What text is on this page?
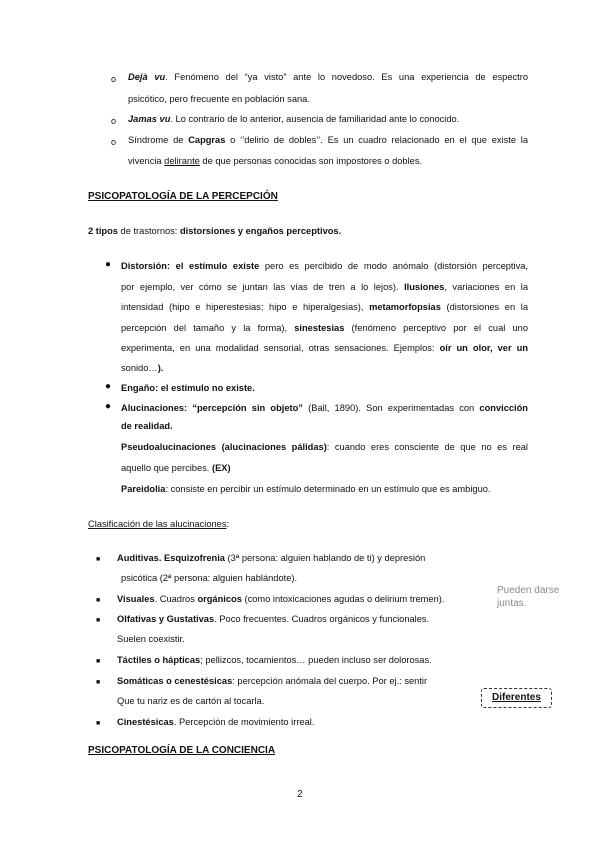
o Dejà vu. Fenómeno del “ya visto” ante lo novedoso. Es una experiencia de espectro
psicótico, pero frecuente en población sana.
o Jamas vu. Lo contrario de lo anterior, ausencia de familiaridad ante lo conocido.
o Síndrome de Capgras o ‘’delirio de dobles’’. Es un cuadro relacionado en el que existe la
vivencia delirante de que personas conocidas son impostores o dobles.
PSICOPATOLOGÍA DE LA PERCEPCIÓN
2 tipos de trastornos: distorsiones y engaños perceptivos.
● Distorsión: el estímulo existe pero es percibido de modo anómalo (distorsión perceptiva,
por ejemplo, ver cómo se juntan las vías de tren a lo lejos). Ilusiones, variaciones en la
intensidad (hipo e hiperestesias; hipo e hiperalgesias), metamorfopsias (distorsiones en la
percepción del tamaño y la forma), sinestesias (fenómeno perceptivo por el cual uno
experimenta, en una modalidad sensorial, otras sensaciones. Ejemplos: oír un olor, ver un
sonido…).
● Engaño: el estímulo no existe.
● Alucinaciones: “percepción sin objeto” (Ball, 1890). Son experimentadas con convicción
de realidad.
Pseudoalucinaciones (alucinaciones pálidas): cuando eres consciente de que no es real
aquello que percibes. (EX)
Pareidolia: consiste en percibir un estímulo determinado en un estímulo que es ambiguo.
Clasificación de las alucinaciones:
■ Auditivas. Esquizofrenia (3ª persona: alguien hablando de ti) y depresión
psicótica (2ª persona: alguien hablándote).
■ Visuales. Cuadros orgánicos (como intoxicaciones agudas o delirium tremen).
■ Olfativas y Gustativas. Poco frecuentes. Cuadros orgánicos y funcionales.
Suelen coexistir.
■ Táctiles o hápticas; pellizcos, tocamientos… pueden incluso ser dolorosas.
■ Somáticas o cenestésicas: percepción anómala del cuerpo. Por ej.: sentir
Que tu nariz es de cartón al tocarla.
■ Cinestésicas. Percepción de movimiento irreal.
Pueden darse
juntas.
Diferentes
PSICOPATOLOGÍA DE LA CONCIENCIA
2
